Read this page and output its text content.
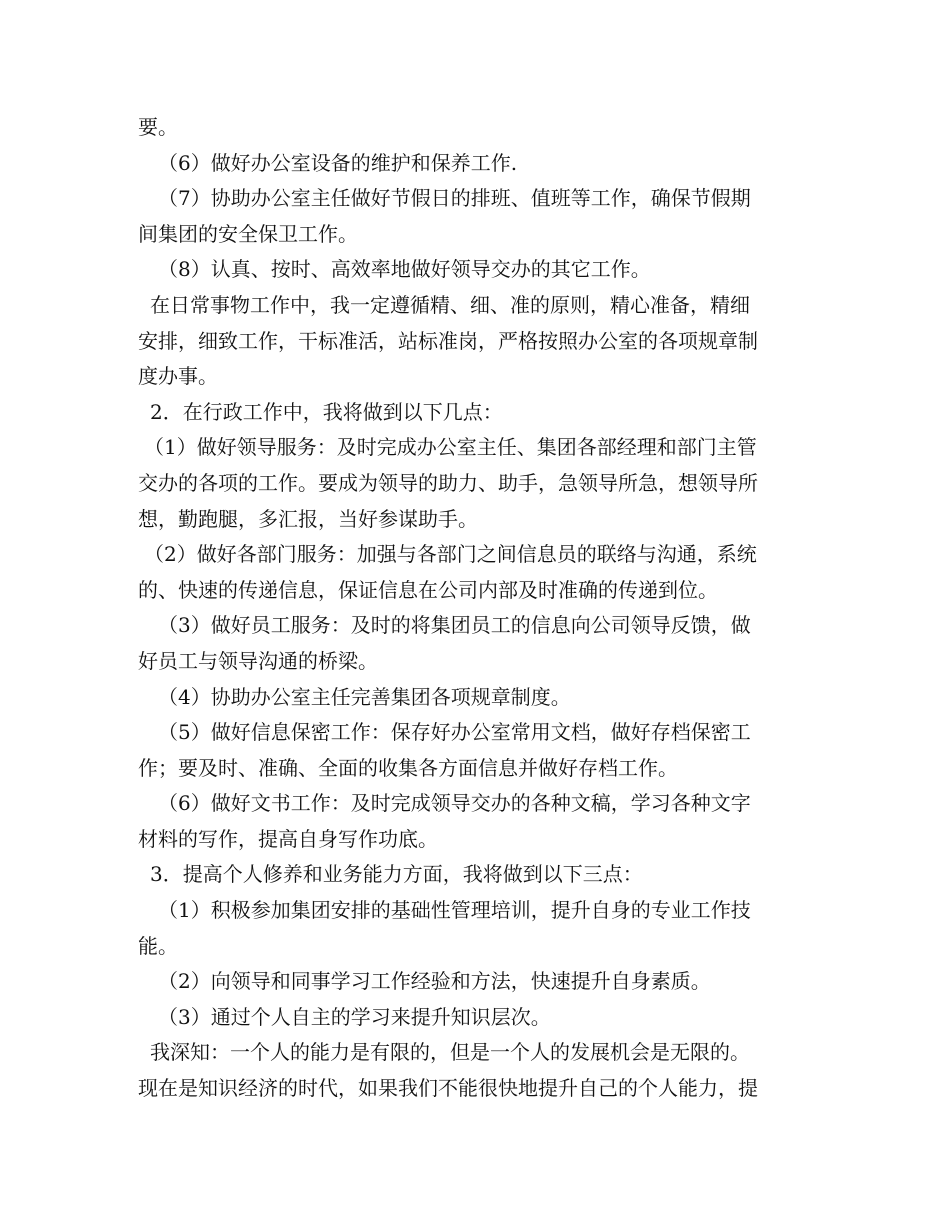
要。
（6）做好办公室设备的维护和保养工作.
（7）协助办公室主任做好节假日的排班、值班等工作，确保节假期
间集团的安全保卫工作。
（8）认真、按时、高效率地做好领导交办的其它工作。
在日常事物工作中，我一定遵循精、细、准的原则，精心准备，精细
安排，细致工作，干标准活，站标准岗，严格按照办公室的各项规章制
度办事。
2．在行政工作中，我将做到以下几点：
（1）做好领导服务：及时完成办公室主任、集团各部经理和部门主管
交办的各项的工作。要成为领导的助力、助手，急领导所急，想领导所
想，勤跑腿，多汇报，当好参谋助手。
（2）做好各部门服务：加强与各部门之间信息员的联络与沟通，系统
的、快速的传递信息，保证信息在公司内部及时准确的传递到位。
（3）做好员工服务：及时的将集团员工的信息向公司领导反馈，做
好员工与领导沟通的桥梁。
（4）协助办公室主任完善集团各项规章制度。
（5）做好信息保密工作：保存好办公室常用文档，做好存档保密工
作；要及时、准确、全面的收集各方面信息并做好存档工作。
（6）做好文书工作：及时完成领导交办的各种文稿，学习各种文字
材料的写作，提高自身写作功底。
3．提高个人修养和业务能力方面，我将做到以下三点：
（1）积极参加集团安排的基础性管理培训，提升自身的专业工作技
能。
（2）向领导和同事学习工作经验和方法，快速提升自身素质。
（3）通过个人自主的学习来提升知识层次。
我深知：一个人的能力是有限的，但是一个人的发展机会是无限的。
现在是知识经济的时代，如果我们不能很快地提升自己的个人能力，提
